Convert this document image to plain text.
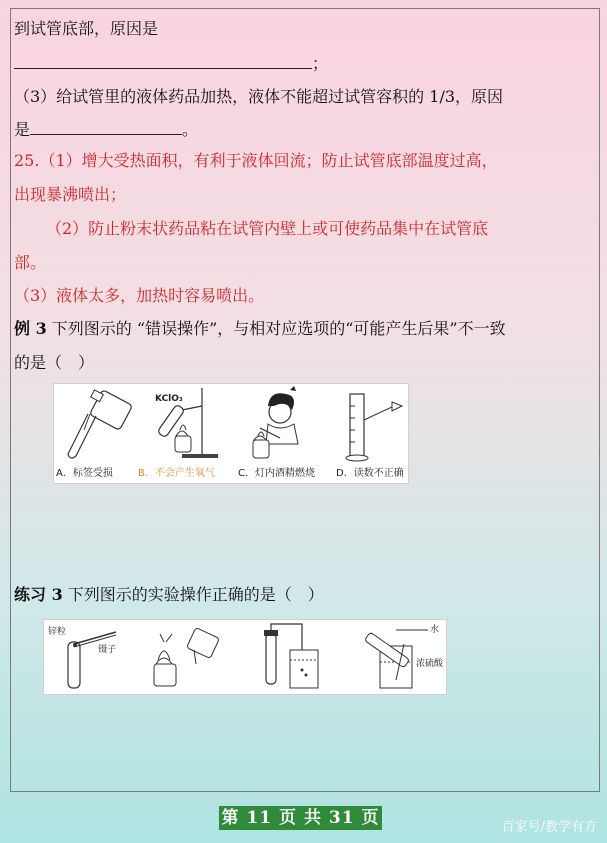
到试管底部，原因是
；
（3）给试管里的液体药品加热，液体不能超过试管容积的 1/3，原因
是	。
25.（1）增大受热面积，有利于液体回流；防止试管底部温度过高，
出现暴沸喷出；
（2）防止粉末状药品粘在试管内壁上或可使药品集中在试管底
部。
（3）液体太多，加热时容易喷出。
例 3 下列图示的 “错误操作”，与相对应选项的“可能产生后果”不一致
的是（　）
KClO₃
A．标签受损	B．不会产生氧气 C．灯内酒精燃烧 D．读数不正确
练习 3 下列图示的实验操作正确的是（　）
锌粒
镊子
水
浓硫酸
第 11 页 共 31 页	百家号/教学有方
